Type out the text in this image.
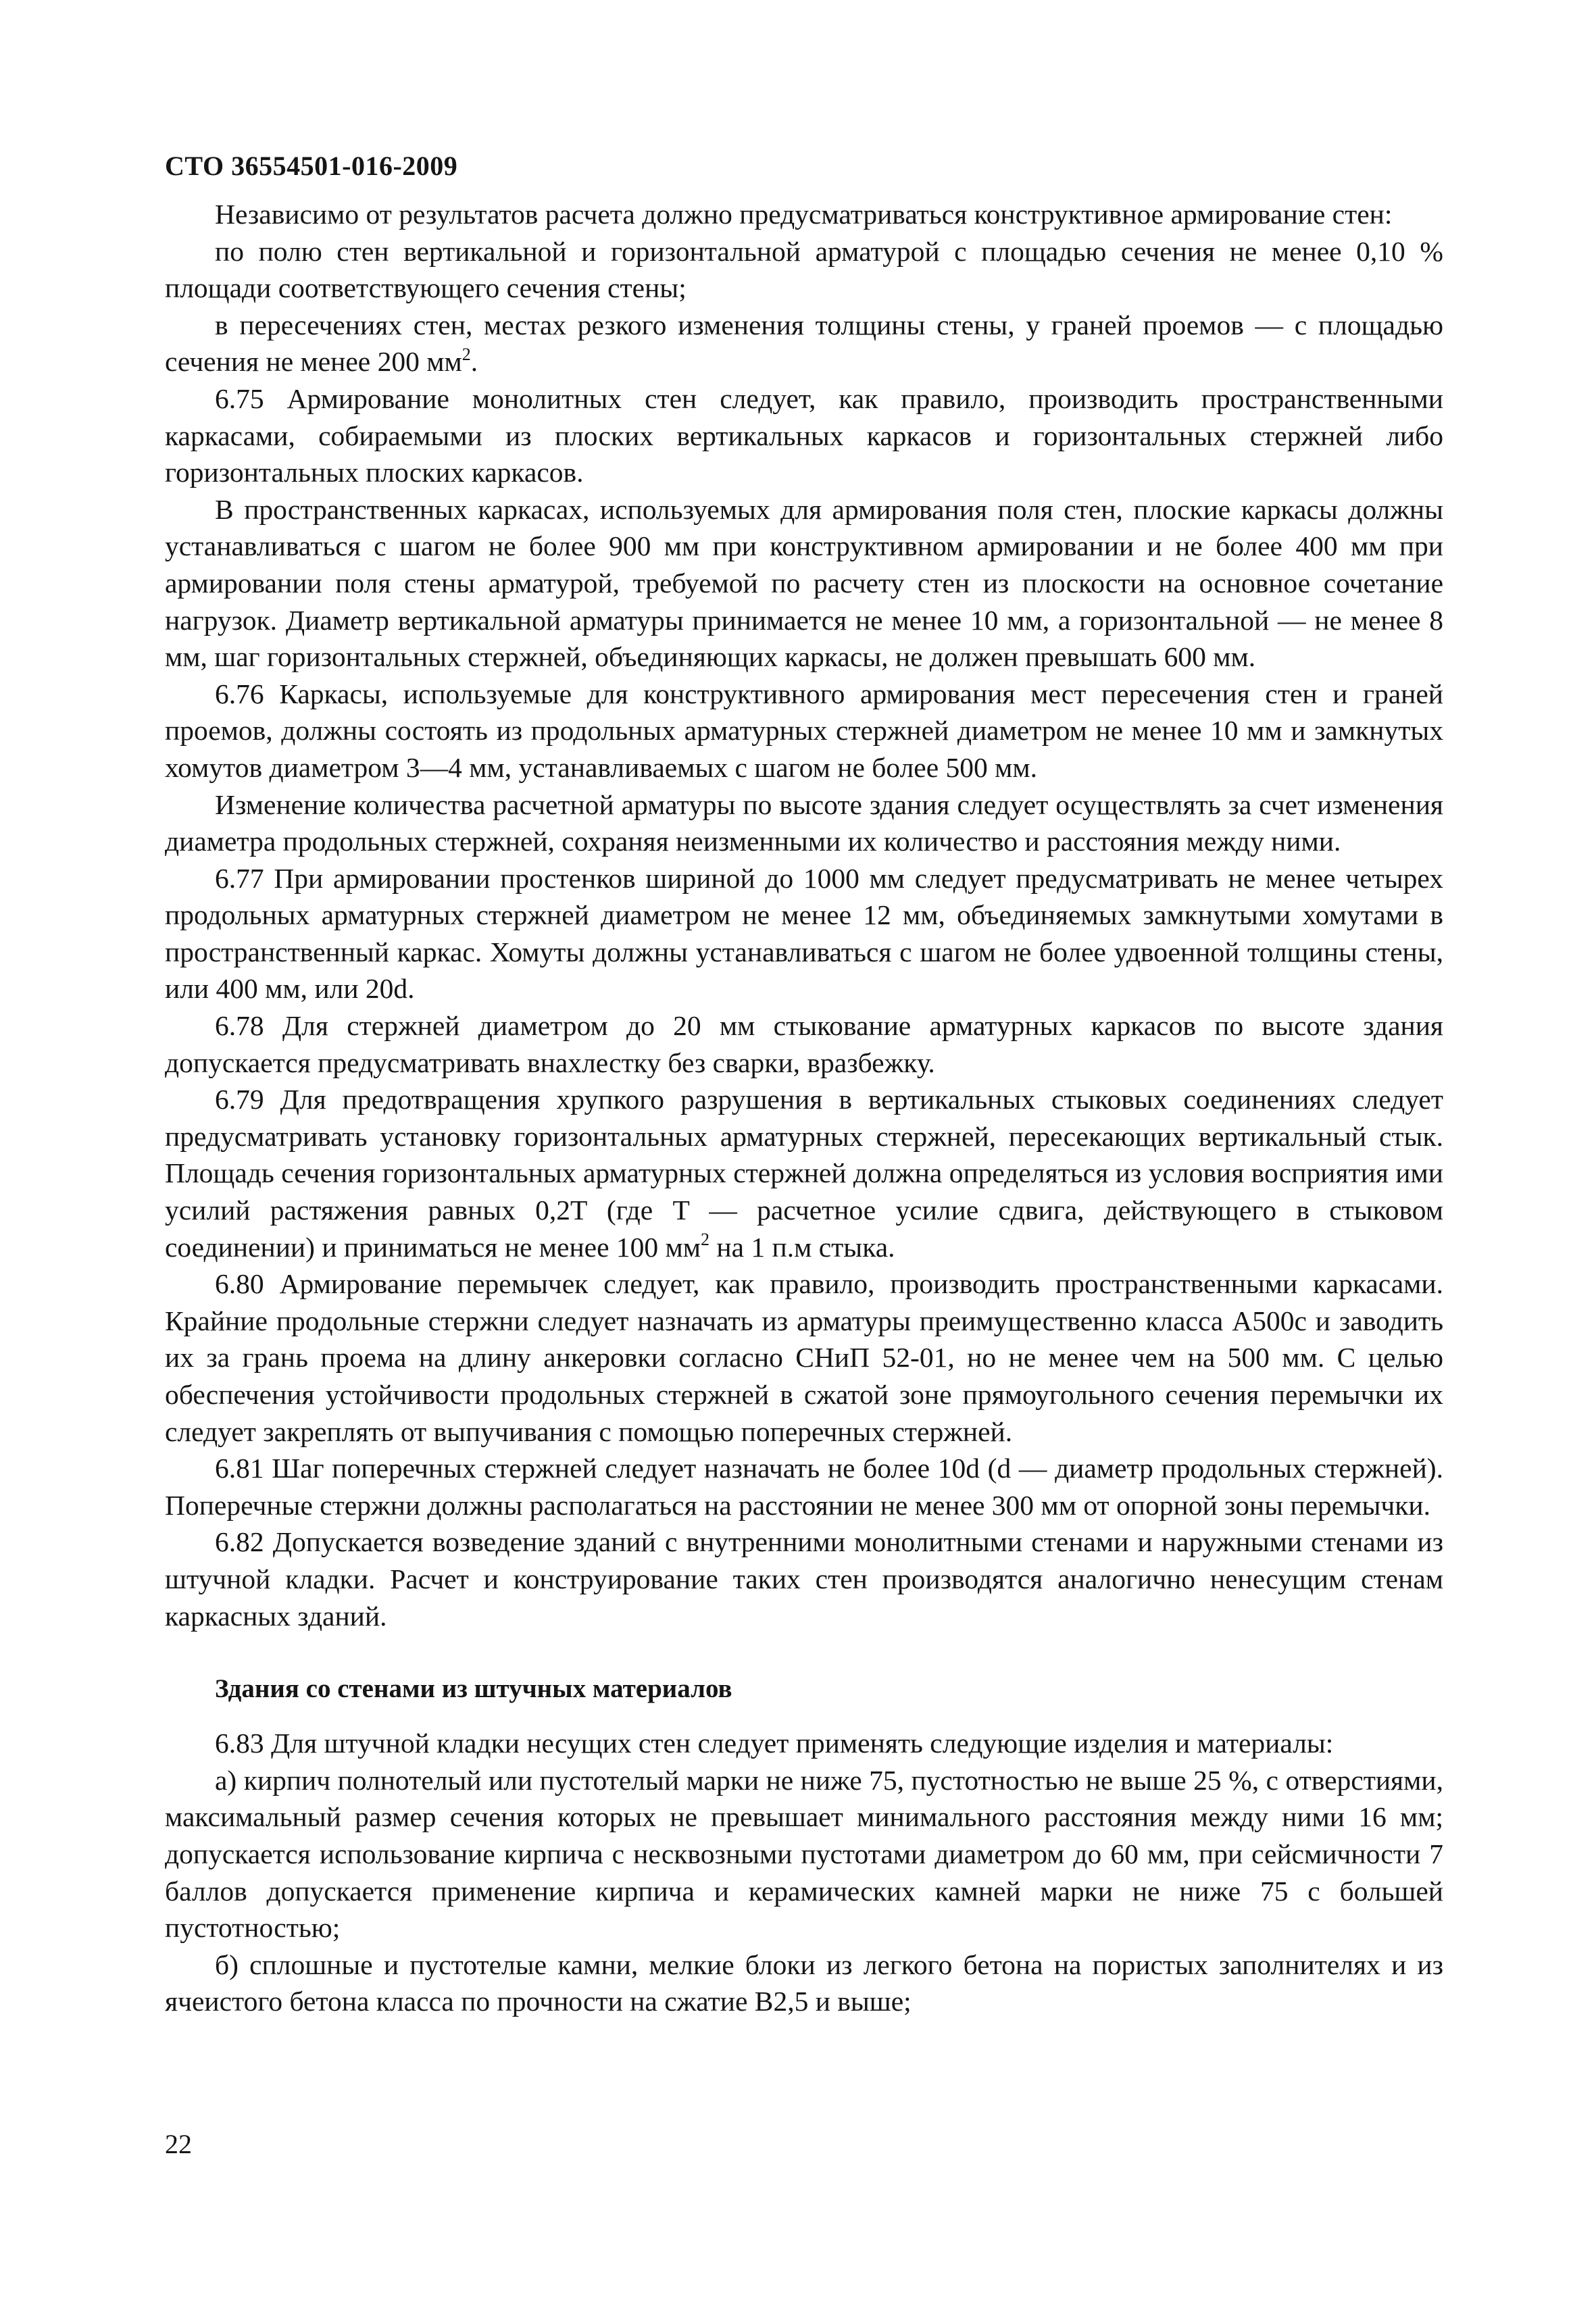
СТО 36554501-016-2009

Независимо от результатов расчета должно предусматриваться конструктивное армирование стен:

по полю стен вертикальной и горизонтальной арматурой с площадью сечения не менее 0,10 % площади соответствующего сечения стены;

в пересечениях стен, местах резкого изменения толщины стены, у граней проемов — с площадью сечения не менее 200 $мм^2$.

6.75 Армирование монолитных стен следует, как правило, производить пространственными каркасами, собираемыми из плоских вертикальных каркасов и горизонтальных стержней либо горизонтальных плоских каркасов.

В пространственных каркасах, используемых для армирования поля стен, плоские каркасы должны устанавливаться с шагом не более 900 мм при конструктивном армировании и не более 400 мм при армировании поля стены арматурой, требуемой по расчету стен из плоскости на основное сочетание нагрузок. Диаметр вертикальной арматуры принимается не менее 10 мм, а горизонтальной — не менее 8 мм, шаг горизонтальных стержней, объединяющих каркасы, не должен превышать 600 мм.

6.76 Каркасы, используемые для конструктивного армирования мест пересечения стен и граней проемов, должны состоять из продольных арматурных стержней диаметром не менее 10 мм и замкнутых хомутов диаметром 3—4 мм, устанавливаемых с шагом не более 500 мм.

Изменение количества расчетной арматуры по высоте здания следует осуществлять за счет изменения диаметра продольных стержней, сохраняя неизменными их количество и расстояния между ними.

6.77 При армировании простенков шириной до 1000 мм следует предусматривать не менее четырех продольных арматурных стержней диаметром не менее 12 мм, объединяемых замкнутыми хомутами в пространственный каркас. Хомуты должны устанавливаться с шагом не более удвоенной толщины стены, или 400 мм, или 20d.

6.78 Для стержней диаметром до 20 мм стыкование арматурных каркасов по высоте здания допускается предусматривать внахлестку без сварки, вразбежку.

6.79 Для предотвращения хрупкого разрушения в вертикальных стыковых соединениях следует предусматривать установку горизонтальных арматурных стержней, пересекающих вертикальный стык. Площадь сечения горизонтальных арматурных стержней должна определяться из условия восприятия ими усилий растяжения равных 0,2T (где T — расчетное усилие сдвига, действующего в стыковом соединении) и приниматься не менее 100 $мм^2$ на 1 п.м стыка.

6.80 Армирование перемычек следует, как правило, производить пространственными каркасами. Крайние продольные стержни следует назначать из арматуры преимущественно класса А500с и заводить их за грань проема на длину анкеровки согласно СНиП 52-01, но не менее чем на 500 мм. С целью обеспечения устойчивости продольных стержней в сжатой зоне прямоугольного сечения перемычки их следует закреплять от выпучивания с помощью поперечных стержней.

6.81 Шаг поперечных стержней следует назначать не более 10d (d — диаметр продольных стержней). Поперечные стержни должны располагаться на расстоянии не менее 300 мм от опорной зоны перемычки.

6.82 Допускается возведение зданий с внутренними монолитными стенами и наружными стенами из штучной кладки. Расчет и конструирование таких стен производятся аналогично ненесущим стенам каркасных зданий.

Здания со стенами из штучных материалов

6.83 Для штучной кладки несущих стен следует применять следующие изделия и материалы:

а) кирпич полнотелый или пустотелый марки не ниже 75, пустотностью не выше 25 %, с отверстиями, максимальный размер сечения которых не превышает минимального расстояния между ними 16 мм; допускается использование кирпича с несквозными пустотами диаметром до 60 мм, при сейсмичности 7 баллов допускается применение кирпича и керамических камней марки не ниже 75 с большей пустотностью;

б) сплошные и пустотелые камни, мелкие блоки из легкого бетона на пористых заполнителях и из ячеистого бетона класса по прочности на сжатие В2,5 и выше;

22
